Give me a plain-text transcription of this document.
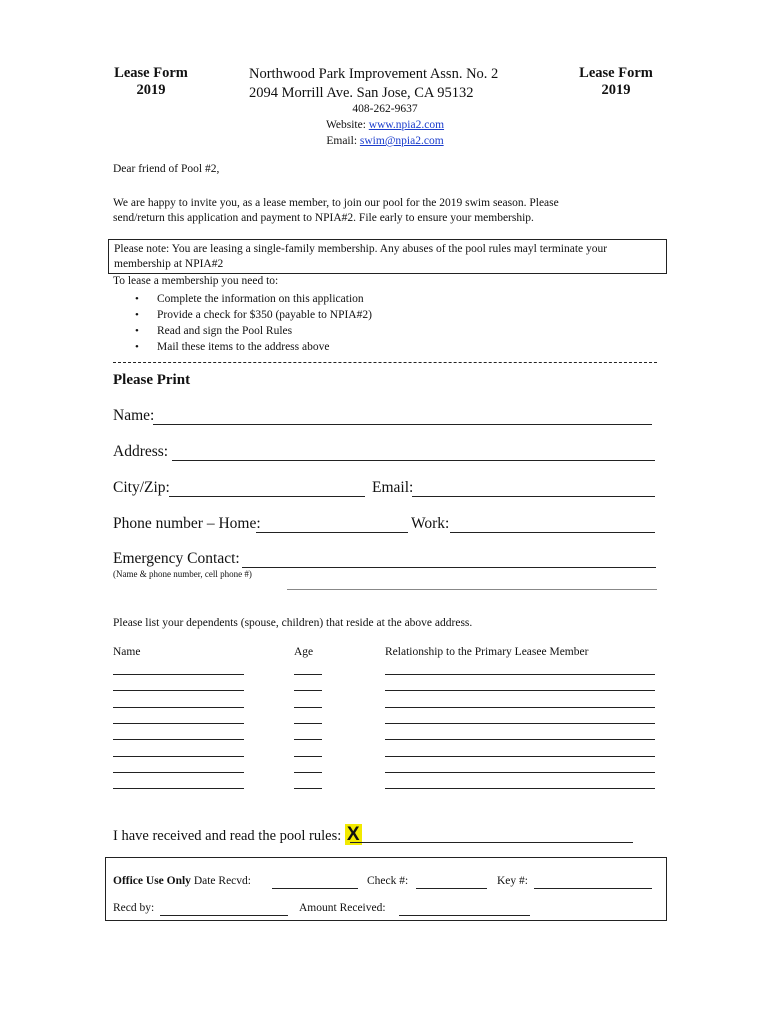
Lease Form
2019
Lease Form
2019
Northwood Park Improvement Assn. No. 2
2094 Morrill Ave. San Jose, CA 95132
408-262-9637
Website: www.npia2.com
Email: swim@npia2.com
Dear friend of Pool #2,
We are happy to invite you, as a lease member, to join our pool for the 2019 swim season. Please
send/return this application and payment to NPIA#2. File early to ensure your membership.
Please note: You are leasing a single-family membership. Any abuses of the pool rules mayl terminate your
membership at NPIA#2
To lease a membership you need to:
• Complete the information on this application
• Provide a check for $350 (payable to NPIA#2)
• Read and sign the Pool Rules
• Mail these items to the address above
Please Print
Name:
Address:
City/Zip:	Email:
Phone number – Home:	Work:
Emergency Contact:
(Name & phone number, cell phone #)
Please list your dependents (spouse, children) that reside at the above address.
Name	Age	Relationship to the Primary Leasee Member
I have received and read the pool rules: X
Office Use Only Date Recvd:	Check #:	Key #:
Recd by:	Amount Received:
